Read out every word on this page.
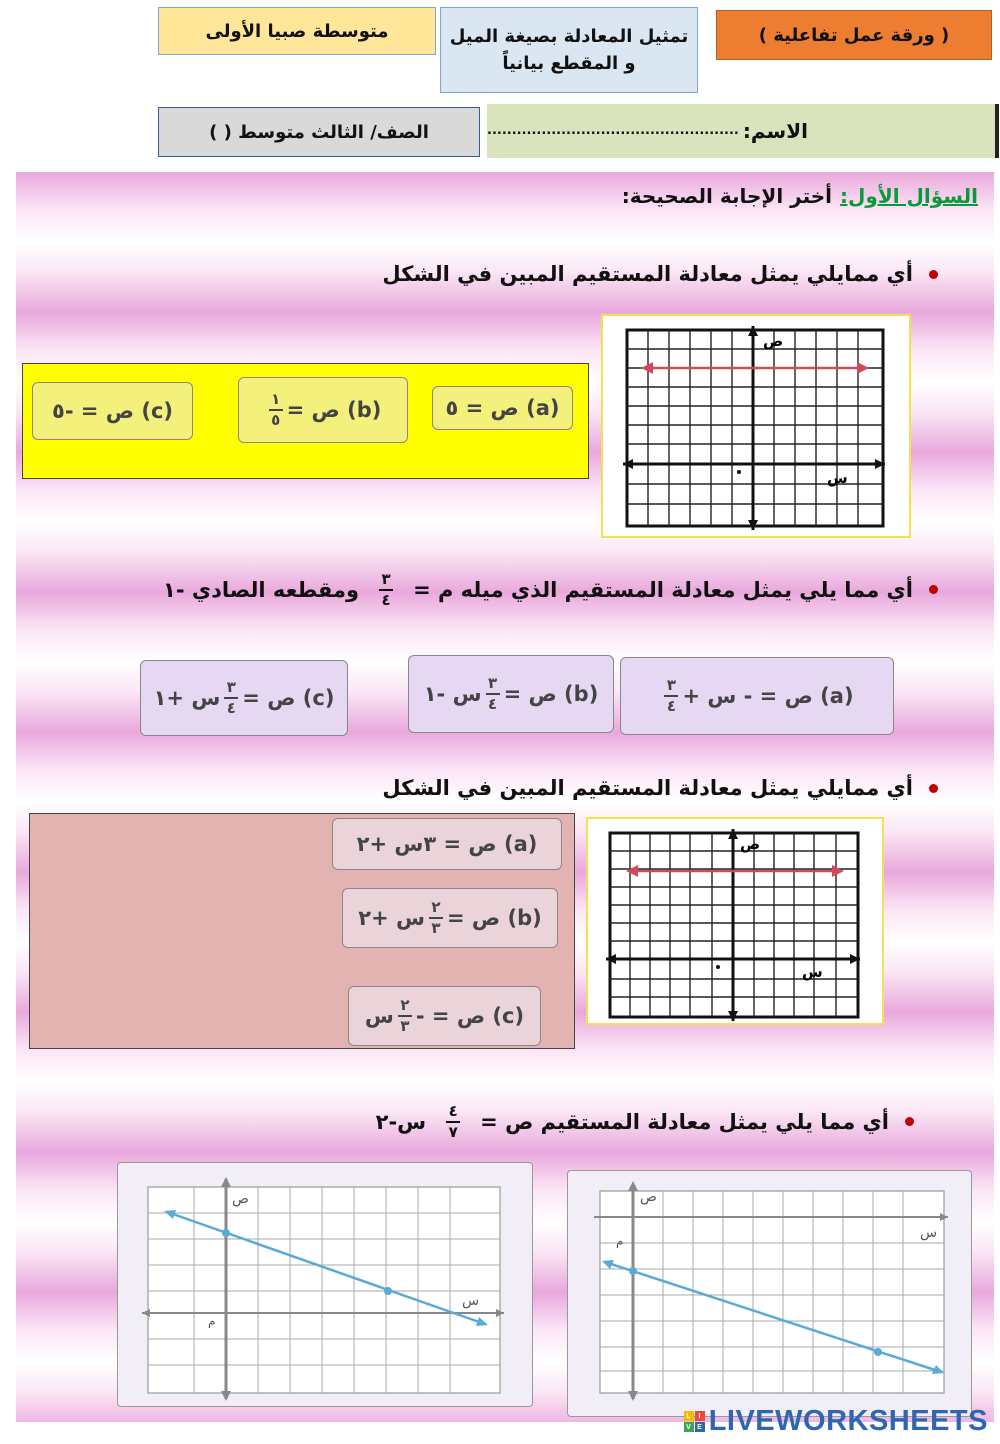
( ورقة عمل تفاعلية )
تمثيل المعادلة بصيغة الميل
و المقطع بيانياً
متوسطة صبيا الأولى
الاسم:
...................................................
الصف/ الثالث متوسط ( )
السؤال الأول:
أختر الإجابة الصحيحة:
أي ممايلي يمثل معادلة المستقيم المبين في الشكل
(a)

ص = ٥
(b)

ص =
$\frac{١}{٥}$
(c)

ص = -٥
ص
س
أي مما يلي يمثل معادلة المستقيم الذي ميله م =
$\frac{٣}{٤}$
ومقطعه الصادي -١
(a)

ص = - س +
$\frac{٣}{٤}$
(b)

ص =
$\frac{٣}{٤}$
س -١
(c)

ص =
$\frac{٣}{٤}$
س +١
أي ممايلي يمثل معادلة المستقيم المبين في الشكل
(a)

ص = ٣س +٢
(b)

ص =
$\frac{٢}{٣}$
س +٢
(c)

ص = -
$\frac{٢}{٣}$
س
ص
س
أي مما يلي يمثل معادلة المستقيم ص =
$\frac{٤}{٧}$
س-٢
ص
س
م
ص
س
م
L	I
V E LIVEWORKSHEETS
